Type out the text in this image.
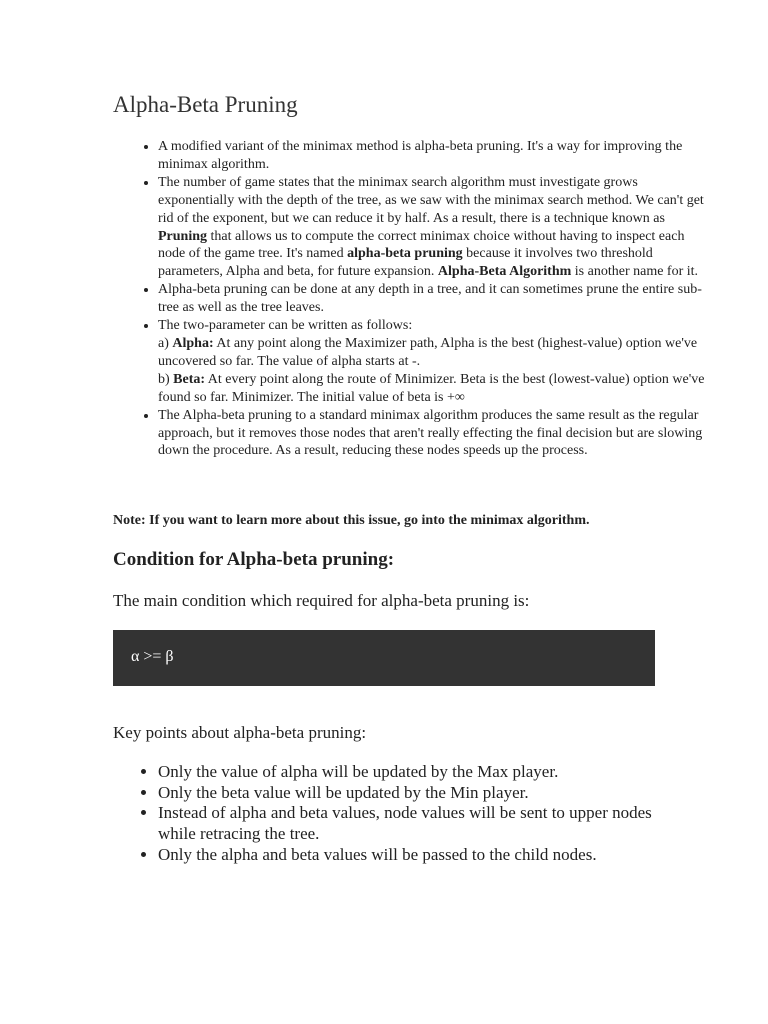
Alpha-Beta Pruning
• A modified variant of the minimax method is alpha-beta pruning. It's a way for improving the minimax algorithm.
• The number of game states that the minimax search algorithm must investigate grows exponentially with the depth of the tree, as we saw with the minimax search method. We can't get rid of the exponent, but we can reduce it by half. As a result, there is a technique known as Pruning that allows us to compute the correct minimax choice without having to inspect each node of the game tree. It's named alpha-beta pruning because it involves two threshold parameters, Alpha and beta, for future expansion. Alpha-Beta Algorithm is another name for it.
• Alpha-beta pruning can be done at any depth in a tree, and it can sometimes prune the entire sub-tree as well as the tree leaves.
• The two-parameter can be written as follows:
a) Alpha: At any point along the Maximizer path, Alpha is the best (highest-value) option we've uncovered so far. The value of alpha starts at -.
b) Beta: At every point along the route of Minimizer. Beta is the best (lowest-value) option we've found so far. Minimizer. The initial value of beta is +∞
• The Alpha-beta pruning to a standard minimax algorithm produces the same result as the regular approach, but it removes those nodes that aren't really effecting the final decision but are slowing down the procedure. As a result, reducing these nodes speeds up the process.

Note: If you want to learn more about this issue, go into the minimax algorithm.

Condition for Alpha-beta pruning:

The main condition which required for alpha-beta pruning is:

α >= β

Key points about alpha-beta pruning:

• Only the value of alpha will be updated by the Max player.
• Only the beta value will be updated by the Min player.
• Instead of alpha and beta values, node values will be sent to upper nodes while retracing the tree.
• Only the alpha and beta values will be passed to the child nodes.
